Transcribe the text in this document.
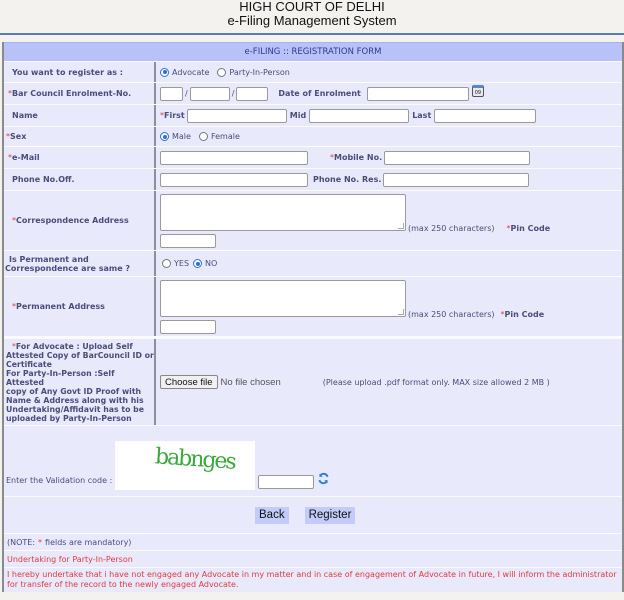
HIGH COURT OF DELHI
e-Filing Management System
e-FILING :: REGISTRATION FORM
You want to register as :	Advocate	Party-In-Person
* Bar Council Enrolment-No.	/	/	Date of Enrolment	09
Name	*First	Mid	Last
* Sex	Male	Female
* e-Mail	*Mobile No.
Phone No.Off.	Phone No. Res.
* Correspondence Address
(max 250 characters) *Pin Code
Is Permanent and
Correspondence are same ?	YES NO
* Permanent Address
(max 250 characters) *Pin Code
*For Advocate : Upload Self
Attested Copy of BarCouncil ID or
Certificate
For Party-In-Person :Self Attested
copy of Any Govt ID Proof with
Name & Address along with his
Undertaking/Affidavit has to be
uploaded by Party-In-Person
Choose file No file chosen	(Please upload .pdf format only. MAX size allowed 2 MB )
Enter the Validation code :
babnges
Back	Register
(NOTE: * fields are mandatory)
Undertaking for Party-In-Person
I hereby undertake that i have not engaged any Advocate in my matter and in case of engagement of Advocate in future, I will inform the administrator for transfer of the record to the newly engaged Advocate.
